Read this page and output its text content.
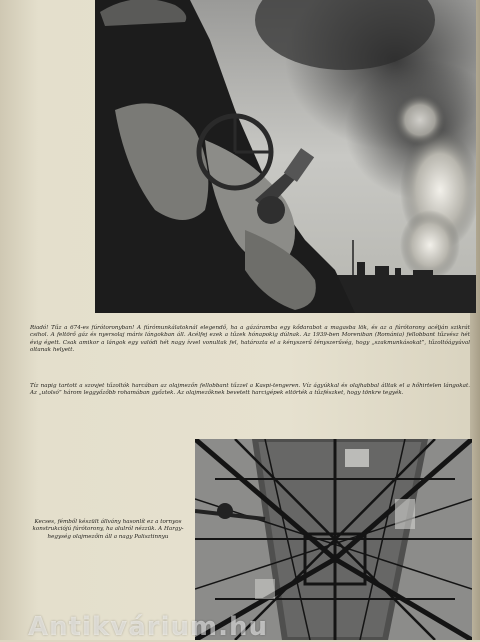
Riadó! Tűz a 674-es fúrótoronyban! A fúrómunkálatoknál elegendő, ha a gázáramba egy kődarabot a magasba lök, és az a fúrótorony acélján szikrát csihol. A feltörő gáz és nyersolaj máris lángokban áll. Acélfej ezek a tűzek hónapokig dúlnak. Az 1939-ben Moreniban (Románia) fellobbant tűzvész hét évig égett. Csak amikor a lángok egy valódi hét nagy ívvel vonultak fel, határozta el a kényszerű tényszerűség, hogy „szakmunkásokat”, tűzoltóágyúval oltanak helyett.

Tíz napig tartott a szovjet tűzoltók harcában az olajmezőn fellobbant tűzzel a Kaspi-tengeren. Víz ágyúkkal és olajhabbal álltak el a hőhirtelen lángokat. Az „utolsó” három leggyőzőbb rohamában győztek. Az olajmezőknek bevetett harcigépek eltörték a tűzfészket, hogy tönkre tegyék.

Kecses, fémből készült állvány hasonlít ez a tornyos konstrukciójú fúrótorony, ha alulról nézzük. A Hargy-hegység olajmezőin áll a nagy Palisztinnyu

Antikvárium.hu
